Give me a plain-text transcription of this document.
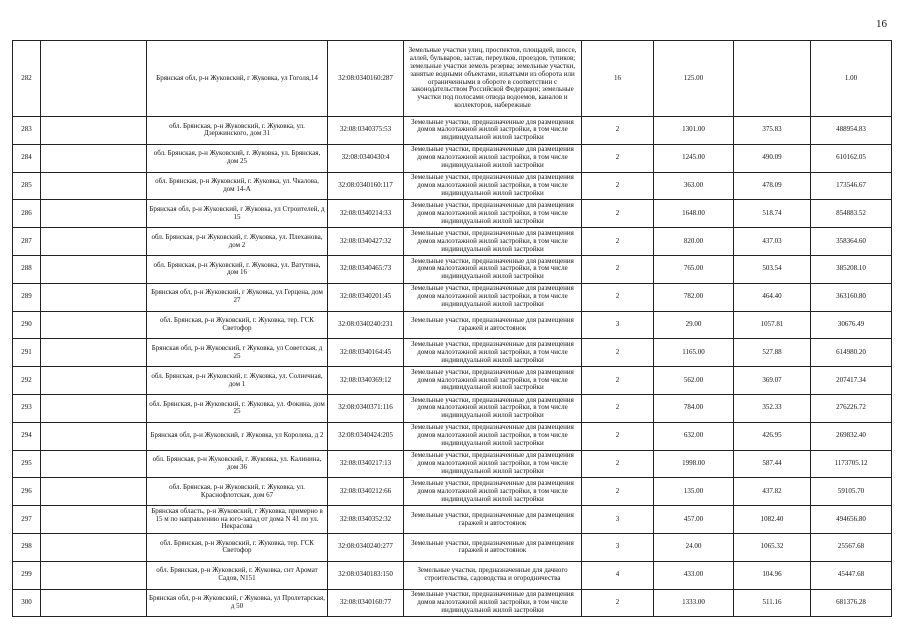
16
282		Брянская обл, р-н Жуковский, г Жуковка, ул Гоголя,14	32:08:0340160:287	Земельные участки улиц, проспектов, площадей, шоссе, аллей, бульваров, застав, переулков, проездов, тупиков; земельные участки земель резерва; земельные участки, занятые водными объектами, изъятыми из оборота или ограниченными в обороте в соответствии с законодательством Российской Федерации; земельные участки под полосами отвода водоемов, каналов и коллекторов, набережные	16	125.00		1.00
283		обл. Брянская, р-н Жуковский, г. Жуковка, ул. Дзержинского, дом 31	32:08:0340375:53	Земельные участки, предназначенные для размещения домов малоэтажной жилой застройки, в том числе индивидуальной жилой застройки	2	1301.00	375.83	488954.83
284		обл. Брянская, р-н Жуковский, г. Жуковка, ул. Брянская, дом 25	32:08:0340430:4	Земельные участки, предназначенные для размещения домов малоэтажной жилой застройки, в том числе индивидуальной жилой застройки	2	1245.00	490.09	610162.05
285		обл. Брянская, р-н Жуковский, г. Жуковка, ул. Чкалова, дом 14-А	32:08:0340160:117	Земельные участки, предназначенные для размещения домов малоэтажной жилой застройки, в том числе индивидуальной жилой застройки	2	363.00	478.09	173546.67
286		Брянская обл, р-н Жуковский, г Жуковка, ул Строителей, д 15	32:08:0340214:33	Земельные участки, предназначенные для размещения домов малоэтажной жилой застройки, в том числе индивидуальной жилой застройки	2	1648.00	518.74	854883.52
287		обл. Брянская, р-н Жуковский, г. Жуковка, ул. Плеханова, дом 2	32:08:0340427:32	Земельные участки, предназначенные для размещения домов малоэтажной жилой застройки, в том числе индивидуальной жилой застройки	2	820.00	437.03	358364.60
288		обл. Брянская, р-н Жуковский, г. Жуковка, ул. Ватутина, дом 16	32:08:0340465:73	Земельные участки, предназначенные для размещения домов малоэтажной жилой застройки, в том числе индивидуальной жилой застройки	2	765.00	503.54	385208.10
289		Брянская обл, р-н Жуковский, г Жуковка, ул Герцена, дом 27	32:08:0340201:45	Земельные участки, предназначенные для размещения домов малоэтажной жилой застройки, в том числе индивидуальной жилой застройки	2	782.00	464.40	363160.80
290		обл. Брянская, р-н Жуковский, г. Жуковка, тер. ГСК Светофор	32:08:0340240:231	Земельные участки, предназначенные для размещения гаражей и автостоянок	3	29.00	1057.81	30676.49
291		Брянская обл, р-н Жуковский, г Жуковка, ул Советская, д 25	32:08:0340164:45	Земельные участки, предназначенные для размещения домов малоэтажной жилой застройки, в том числе индивидуальной жилой застройки	2	1165.00	527.88	614980.20
292		обл. Брянская, р-н Жуковский, г. Жуковка, ул. Солнечная, дом 1	32:08:0340369:12	Земельные участки, предназначенные для размещения домов малоэтажной жилой застройки, в том числе индивидуальной жилой застройки	2	562.00	369.07	207417.34
293		обл. Брянская, р-н Жуковский, г. Жуковка, ул. Фокина, дом 25	32:08:0340371:116	Земельные участки, предназначенные для размещения домов малоэтажной жилой застройки, в том числе индивидуальной жилой застройки	2	784.00	352.33	276226.72
294		Брянская обл, р-н Жуковский, г Жуковка, ул Королева, д 2	32:08:0340424:205	Земельные участки, предназначенные для размещения домов малоэтажной жилой застройки, в том числе индивидуальной жилой застройки	2	632.00	426.95	269832.40
295		обл. Брянская, р-н Жуковский, г. Жуковка, ул. Калинина, дом 36	32:08:0340217:13	Земельные участки, предназначенные для размещения домов малоэтажной жилой застройки, в том числе индивидуальной жилой застройки	2	1998.00	587.44	1173705.12
296		обл. Брянская, р-н Жуковский, г. Жуковка, ул. Краснофлотская, дом 67	32:08:0340212:66	Земельные участки, предназначенные для размещения домов малоэтажной жилой застройки, в том числе индивидуальной жилой застройки	2	135.00	437.82	59105.70
297		Брянская область, р-н Жуковский, г Жуковка, примерно в 15 м по направлению на юго-запад от дома N 41 по ул. Некрасова	32:08:0340352:32	Земельные участки, предназначенные для размещения гаражей и автостоянок	3	457.00	1082.40	494656.80
298		обл. Брянская, р-н Жуковский, г. Жуковка, тер. ГСК Светофор	32:08:0340240:277	Земельные участки, предназначенные для размещения гаражей и автостоянок	3	24.00	1065.32	25567.68
299		обл. Брянская, р-н Жуковский, г. Жуковка, снт Аромат Садов, N151	32:08:0340183:150	Земельные участки, предназначенные для дачного строительства, садоводства и огородничества	4	433.00	104.96	45447.68
300		Брянская обл, р-н Жуковский, г Жуковка, ул Пролетарская, д 50	32:08:0340160:77	Земельные участки, предназначенные для размещения домов малоэтажной жилой застройки, в том числе индивидуальной жилой застройки	2	1333.00	511.16	681376.28
